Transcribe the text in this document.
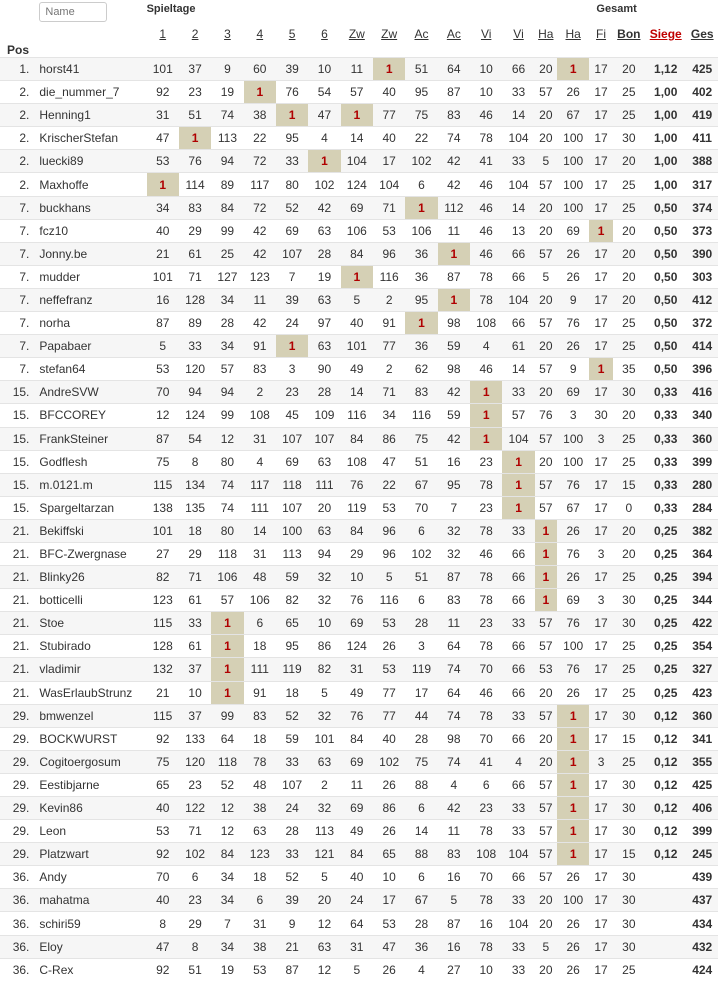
Pos	Name	Spieltage														Gesamt			
		1	2	3	4	5	6	Zw	Zw	Ac	Ac	Vi	Vi	Ha	Ha	Fi	Bon	Siege	Ges
1.	horst41	101	37	9	60	39	10	11	1	51	64	10	66	20	1	17	20	1,12	425
2.	die_nummer_7	92	23	19	1	76	54	57	40	95	87	10	33	57	26	17	25	1,00	402
2.	Henning1	31	51	74	38	1	47	1	77	75	83	46	14	20	67	17	25	1,00	419
2.	KrischerStefan	47	1	113	22	95	4	14	40	22	74	78	104	20	100	17	30	1,00	411
2.	luecki89	53	76	94	72	33	1	104	17	102	42	41	33	5	100	17	20	1,00	388
2.	Maxhoffe	1	114	89	117	80	102	124	104	6	42	46	104	57	100	17	25	1,00	317
7.	buckhans	34	83	84	72	52	42	69	71	1	112	46	14	20	100	17	25	0,50	374
7.	fcz10	40	29	99	42	69	63	106	53	106	11	46	13	20	69	1	20	0,50	373
7.	Jonny.be	21	61	25	42	107	28	84	96	36	1	46	66	57	26	17	20	0,50	390
7.	mudder	101	71	127	123	7	19	1	116	36	87	78	66	5	26	17	20	0,50	303
7.	neffefranz	16	128	34	11	39	63	5	2	95	1	78	104	20	9	17	20	0,50	412
7.	norha	87	89	28	42	24	97	40	91	1	98	108	66	57	76	17	25	0,50	372
7.	Papabaer	5	33	34	91	1	63	101	77	36	59	4	61	20	26	17	25	0,50	414
7.	stefan64	53	120	57	83	3	90	49	2	62	98	46	14	57	9	1	35	0,50	396
15.	AndreSVW	70	94	94	2	23	28	14	71	83	42	1	33	20	69	17	30	0,33	416
15.	BFCCOREY	12	124	99	108	45	109	116	34	116	59	1	57	76	3	30	20	0,33	340
15.	FrankSteiner	87	54	12	31	107	107	84	86	75	42	1	104	57	100	3	25	0,33	360
15.	Godflesh	75	8	80	4	69	63	108	47	51	16	23	1	20	100	17	25	0,33	399
15.	m.0121.m	115	134	74	117	118	111	76	22	67	95	78	1	57	76	17	15	0,33	280
15.	Spargeltarzan	138	135	74	111	107	20	119	53	70	7	23	1	57	67	17	0	0,33	284
21.	Bekiffski	101	18	80	14	100	63	84	96	6	32	78	33	1	26	17	20	0,25	382
21.	BFC-Zwergnase	27	29	118	31	113	94	29	96	102	32	46	66	1	76	3	20	0,25	364
21.	Blinky26	82	71	106	48	59	32	10	5	51	87	78	66	1	26	17	25	0,25	394
21.	botticelli	123	61	57	106	82	32	76	116	6	83	78	66	1	69	3	30	0,25	344
21.	Stoe	115	33	1	6	65	10	69	53	28	11	23	33	57	76	17	30	0,25	422
21.	Stubirado	128	61	1	18	95	86	124	26	3	64	78	66	57	100	17	25	0,25	354
21.	vladimir	132	37	1	111	119	82	31	53	119	74	70	66	53	76	17	25	0,25	327
21.	WasErlaubStrunz	21	10	1	91	18	5	49	77	17	64	46	66	20	26	17	25	0,25	423
29.	bmwenzel	115	37	99	83	52	32	76	77	44	74	78	33	57	1	17	30	0,12	360
29.	BOCKWURST	92	133	64	18	59	101	84	40	28	98	70	66	20	1	17	15	0,12	341
29.	Cogitoergosum	75	120	118	78	33	63	69	102	75	74	41	4	20	1	3	25	0,12	355
29.	Eestibjarne	65	23	52	48	107	2	11	26	88	4	6	66	57	1	17	30	0,12	425
29.	Kevin86	40	122	12	38	24	32	69	86	6	42	23	33	57	1	17	30	0,12	406
29.	Leon	53	71	12	63	28	113	49	26	14	11	78	33	57	1	17	30	0,12	399
29.	Platzwart	92	102	84	123	33	121	84	65	88	83	108	104	57	1	17	15	0,12	245
36.	Andy	70	6	34	18	52	5	40	10	6	16	70	66	57	26	17	30		439
36.	mahatma	40	23	34	6	39	20	24	17	67	5	78	33	20	100	17	30		437
36.	schiri59	8	29	7	31	9	12	64	53	28	87	16	104	20	26	17	30		434
36.	Eloy	47	8	34	38	21	63	31	47	36	16	78	33	5	26	17	30		432
36.	C-Rex	92	51	19	53	87	12	5	26	4	27	10	33	20	26	17	25		424
